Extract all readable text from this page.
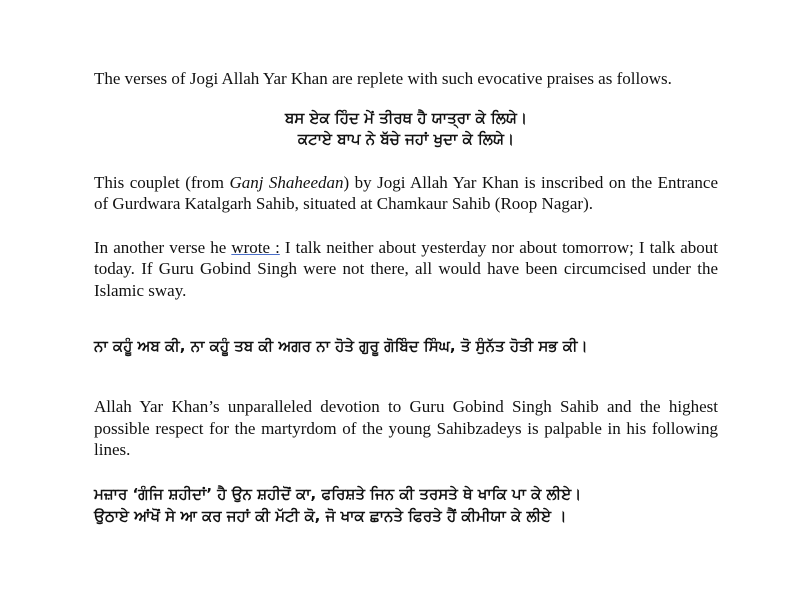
The verses of Jogi Allah Yar Khan are replete with such evocative praises as follows.

ਬਸ ਏਕ ਹਿੰਦ ਮੇਂ ਤੀਰਥ ਹੈ ਯਾਤ੍ਰਾ ਕੇ ਲਿਯੇ।
ਕਟਾਏ ਬਾਪ ਨੇ ਬੱਚੇ ਜਹਾਂ ਖੁਦਾ ਕੇ ਲਿਯੇ।

This couplet (from Ganj Shaheedan) by Jogi Allah Yar Khan is inscribed on the Entrance of Gurdwara Katalgarh Sahib, situated at Chamkaur Sahib (Roop Nagar).

In another verse he wrote : I talk neither about yesterday nor about tomorrow; I talk about today. If Guru Gobind Singh were not there, all would have been circumcised under the Islamic sway.

ਨਾ ਕਹੂੰ ਅਬ ਕੀ, ਨਾ ਕਹੂੰ ਤਬ ਕੀ ਅਗਰ ਨਾ ਹੋਤੇ ਗੁਰੂ ਗੋਬਿੰਦ ਸਿੰਘ, ਤੋ ਸੁੰਨੱਤ ਹੋਤੀ ਸਭ ਕੀ।

Allah Yar Khan’s unparalleled devotion to Guru Gobind Singh Sahib and the highest possible respect for the martyrdom of the young Sahibzadeys is palpable in his following lines.

ਮਜ਼ਾਰ ‘ਗੰਜਿ ਸ਼ਹੀਦਾਂ’ ਹੈ ਉਨ ਸ਼ਹੀਦੋਂ ਕਾ, ਫਰਿਸ਼ਤੇ ਜਿਨ ਕੀ ਤਰਸਤੇ ਥੇ ਖਾਕਿ ਪਾ ਕੇ ਲੀਏ।
ਉਠਾਏ ਆਂਖੋਂ ਸੇ ਆ ਕਰ ਜਹਾਂ ਕੀ ਮੱਟੀ ਕੋ, ਜੋ ਖਾਕ ਛਾਨਤੇ ਫਿਰਤੇ ਹੈਂ ਕੀਮੀਯਾ ਕੇ ਲੀਏ ।
